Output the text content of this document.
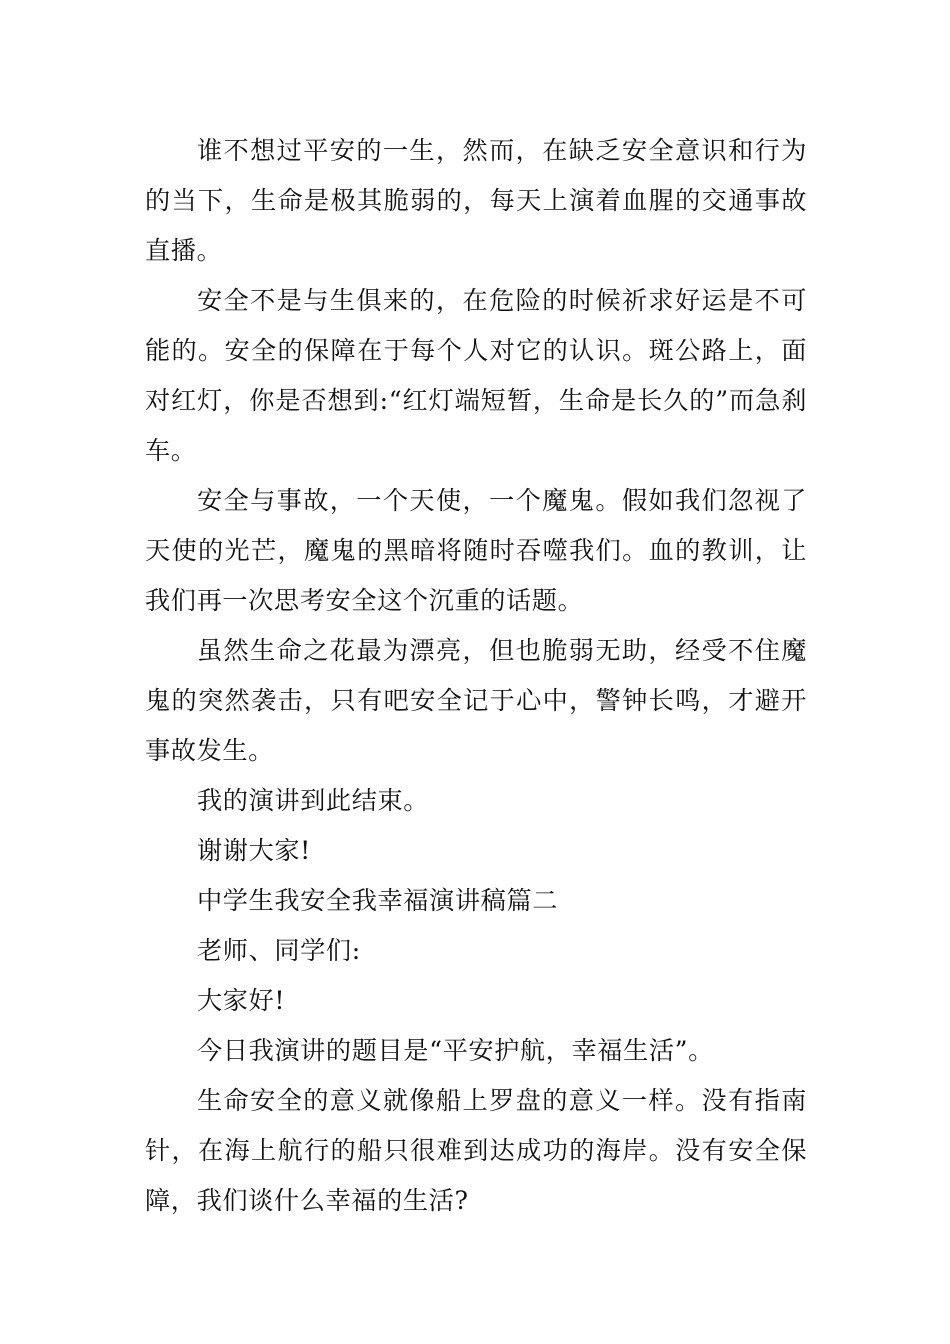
谁不想过平安的一生，然而，在缺乏安全意识和行为的当下，生命是极其脆弱的，每天上演着血腥的交通事故直播。

安全不是与生俱来的，在危险的时候祈求好运是不可能的。安全的保障在于每个人对它的认识。斑公路上，面对红灯，你是否想到:“红灯端短暂，生命是长久的”而急刹车。

安全与事故，一个天使，一个魔鬼。假如我们忽视了天使的光芒，魔鬼的黑暗将随时吞噬我们。血的教训，让我们再一次思考安全这个沉重的话题。

虽然生命之花最为漂亮，但也脆弱无助，经受不住魔鬼的突然袭击，只有吧安全记于心中，警钟长鸣，才避开事故发生。

我的演讲到此结束。

谢谢大家!

中学生我安全我幸福演讲稿篇二

老师、同学们:

大家好!

今日我演讲的题目是“平安护航，幸福生活”。

生命安全的意义就像船上罗盘的意义一样。没有指南针，在海上航行的船只很难到达成功的海岸。没有安全保障，我们谈什么幸福的生活?
